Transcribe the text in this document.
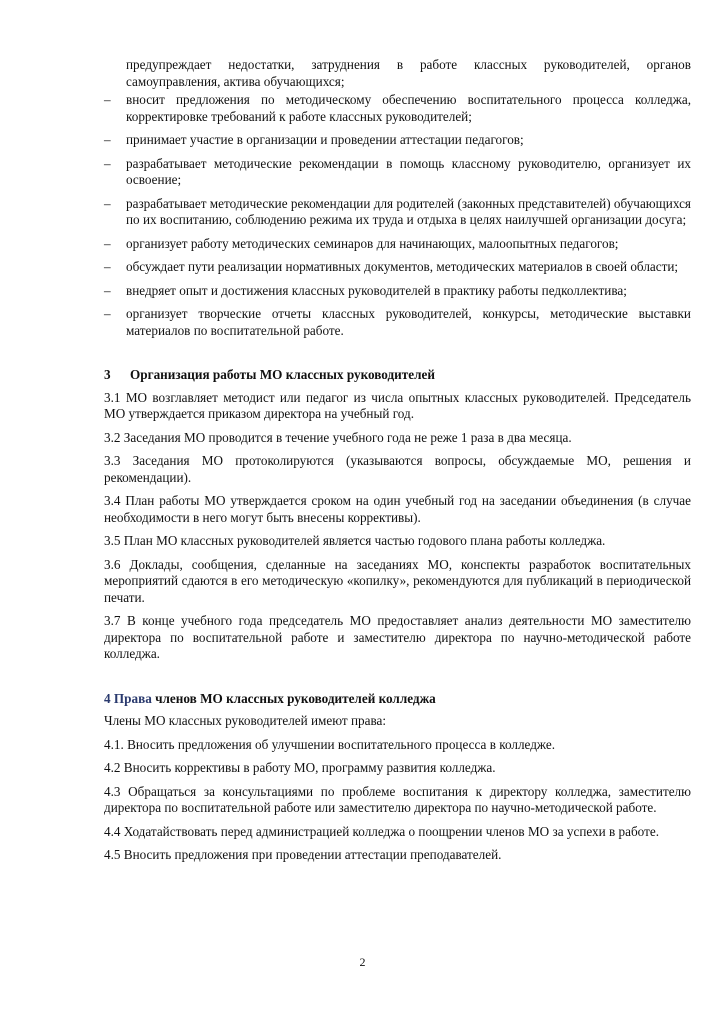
предупреждает недостатки, затруднения в работе классных руководителей, органов самоуправления, актива обучающихся;
– вносит предложения по методическому обеспечению воспитательного процесса колледжа, корректировке требований к работе классных руководителей;
– принимает участие в организации и проведении аттестации педагогов;
– разрабатывает методические рекомендации в помощь классному руководителю, организует их освоение;
– разрабатывает методические рекомендации для родителей (законных представителей) обучающихся по их воспитанию, соблюдению режима их труда и отдыха в целях наилучшей организации досуга;
– организует работу методических семинаров для начинающих, малоопытных педагогов;
– обсуждает пути реализации нормативных документов, методических материалов в своей области;
– внедряет опыт и достижения классных руководителей в практику работы педколлектива;
– организует творческие отчеты классных руководителей, конкурсы, методические выставки материалов по воспитательной работе.
3 Организация работы МО классных руководителей

3.1 МО возглавляет методист или педагог из числа опытных классных руководителей. Председатель МО утверждается приказом директора на учебный год.

3.2 Заседания МО проводится в течение учебного года не реже 1 раза в два месяца.

3.3 Заседания МО протоколируются (указываются вопросы, обсуждаемые МО, решения и рекомендации).

3.4 План работы МО утверждается сроком на один учебный год на заседании объединения (в случае необходимости в него могут быть внесены коррективы).

3.5 План МО классных руководителей является частью годового плана работы колледжа.

3.6 Доклады, сообщения, сделанные на заседаниях МО, конспекты разработок воспитательных мероприятий сдаются в его методическую «копилку», рекомендуются для публикаций в периодической печати.

3.7 В конце учебного года председатель МО предоставляет анализ деятельности МО заместителю директора по воспитательной работе и заместителю директора по научно-методической работе колледжа.

4 Права членов МО классных руководителей колледжа

Члены МО классных руководителей имеют права:

4.1. Вносить предложения об улучшении воспитательного процесса в колледже.

4.2 Вносить коррективы в работу МО, программу развития колледжа.

4.3 Обращаться за консультациями по проблеме воспитания к директору колледжа, заместителю директора по воспитательной работе или заместителю директора по научно-методической работе.

4.4 Ходатайствовать перед администрацией колледжа о поощрении членов МО за успехи в работе.

4.5 Вносить предложения при проведении аттестации преподавателей.

2
